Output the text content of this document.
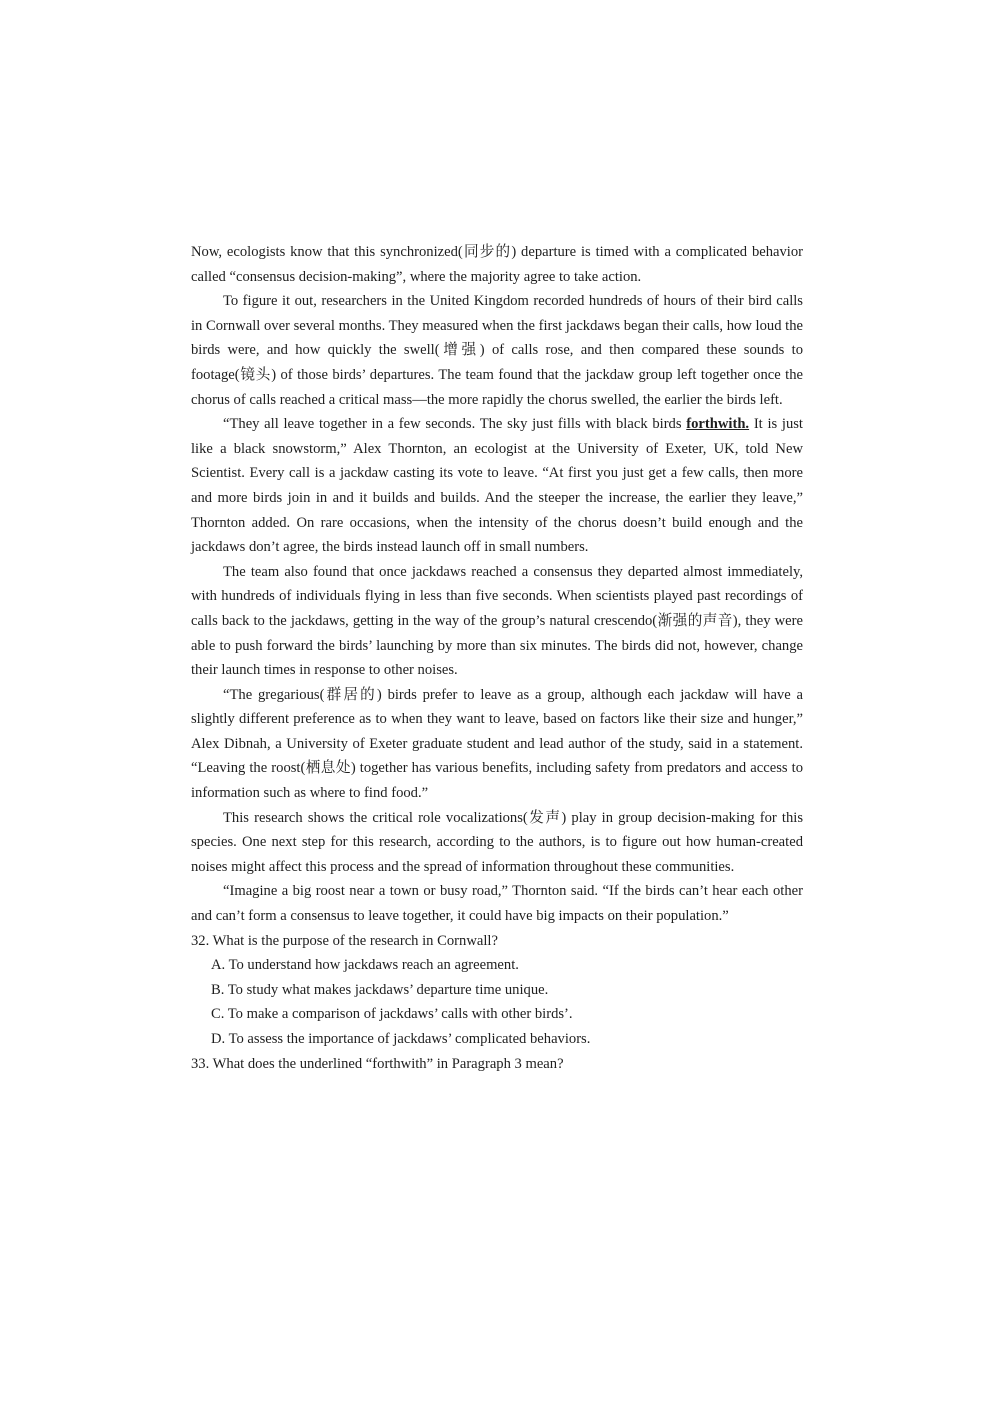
Now, ecologists know that this synchronized(同步的) departure is timed with a complicated behavior called “consensus decision-making”, where the majority agree to take action.

To figure it out, researchers in the United Kingdom recorded hundreds of hours of their bird calls in Cornwall over several months. They measured when the first jackdaws began their calls, how loud the birds were, and how quickly the swell(增强) of calls rose, and then compared these sounds to footage(镜头) of those birds’ departures. The team found that the jackdaw group left together once the chorus of calls reached a critical mass—the more rapidly the chorus swelled, the earlier the birds left.

“They all leave together in a few seconds. The sky just fills with black birds forthwith. It is just like a black snowstorm,” Alex Thornton, an ecologist at the University of Exeter, UK, told New Scientist. Every call is a jackdaw casting its vote to leave. “At first you just get a few calls, then more and more birds join in and it builds and builds. And the steeper the increase, the earlier they leave,” Thornton added. On rare occasions, when the intensity of the chorus doesn’t build enough and the jackdaws don’t agree, the birds instead launch off in small numbers.

The team also found that once jackdaws reached a consensus they departed almost immediately, with hundreds of individuals flying in less than five seconds. When scientists played past recordings of calls back to the jackdaws, getting in the way of the group’s natural crescendo(渐强的声音), they were able to push forward the birds’ launching by more than six minutes. The birds did not, however, change their launch times in response to other noises.

“The gregarious(群居的) birds prefer to leave as a group, although each jackdaw will have a slightly different preference as to when they want to leave, based on factors like their size and hunger,” Alex Dibnah, a University of Exeter graduate student and lead author of the study, said in a statement. “Leaving the roost(栖息处) together has various benefits, including safety from predators and access to information such as where to find food.”

This research shows the critical role vocalizations(发声) play in group decision-making for this species. One next step for this research, according to the authors, is to figure out how human-created noises might affect this process and the spread of information throughout these communities.

“Imagine a big roost near a town or busy road,” Thornton said. “If the birds can’t hear each other and can’t form a consensus to leave together, it could have big impacts on their population.”

32. What is the purpose of the research in Cornwall?

A. To understand how jackdaws reach an agreement.

B. To study what makes jackdaws’ departure time unique.

C. To make a comparison of jackdaws’ calls with other birds’.

D. To assess the importance of jackdaws’ complicated behaviors.

33. What does the underlined “forthwith” in Paragraph 3 mean?
